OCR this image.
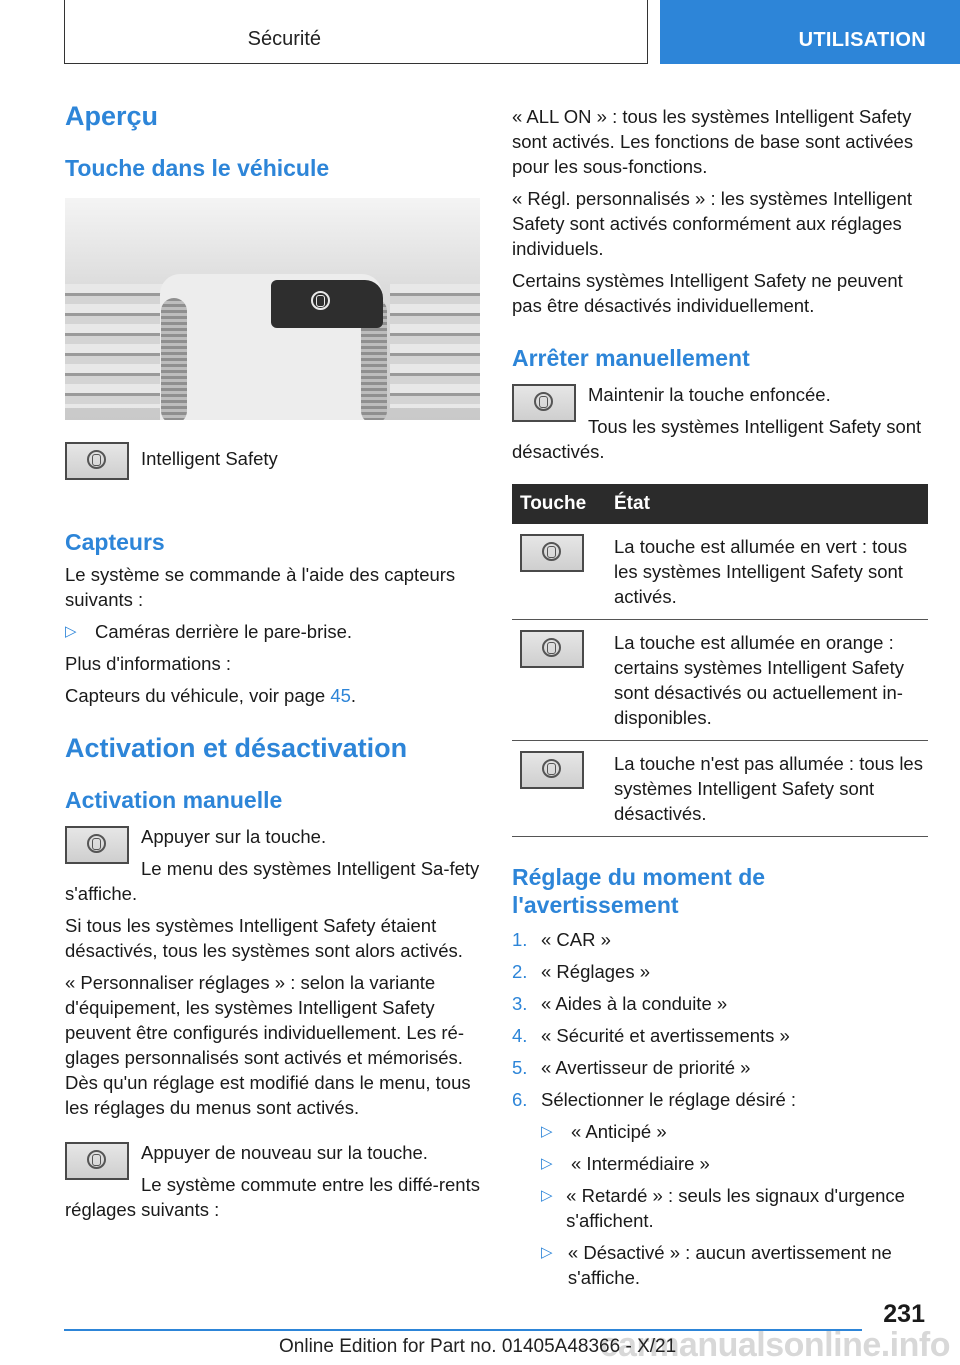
Sécurité	UTILISATION
Aperçu
Touche dans le véhicule

Intelligent Safety

Capteurs

Le système se commande à l'aide des capteurs suivants :

▷ Caméras derrière le pare-brise.

Plus d'informations :

Capteurs du véhicule, voir page 45.

Activation et désactivation
Activation manuelle

Appuyer sur la touche.

Le menu des systèmes Intelligent Sa-fety s'affiche.

Si tous les systèmes Intelligent Safety étaient désactivés, tous les systèmes sont alors activés.

« Personnaliser réglages » : selon la variante d'équipement, les systèmes Intelligent Safety peuvent être configurés individuellement. Les ré-glages personnalisés sont activés et mémorisés. Dès qu'un réglage est modifié dans le menu, tous les réglages du menus sont activés.

Appuyer de nouveau sur la touche.

Le système commute entre les diffé-rents réglages suivants :

« ALL ON » : tous les systèmes Intelligent Safety sont activés. Les fonctions de base sont activées pour les sous-fonctions.

« Régl. personnalisés » : les systèmes Intelligent Safety sont activés conformément aux réglages individuels.

Certains systèmes Intelligent Safety ne peuvent pas être désactivés individuellement.

Arrêter manuellement

Maintenir la touche enfoncée.

Tous les systèmes Intelligent Safety sont désactivés.

Touche	État

	La touche est allumée en vert : tous les systèmes Intelligent Safety sont activés.

	La touche est allumée en orange : certains systèmes Intelligent Safety sont désactivés ou actuellement in-disponibles.

	La touche n'est pas allumée : tous les systèmes Intelligent Safety sont désactivés.
Réglage du moment de l'avertissement
1. « CAR »
2. « Réglages »
3. « Aides à la conduite »
4. « Sécurité et avertissements »
5. « Avertisseur de priorité »
6. Sélectionner le réglage désiré :
▷ « Anticipé »

▷ « Intermédiaire »

▷ « Retardé » : seuls les signaux d'urgence s'affichent.

▷ « Désactivé » : aucun avertissement ne s'affiche.

231
carmanualsonline.info
Online Edition for Part no. 01405A48366 - X/21
